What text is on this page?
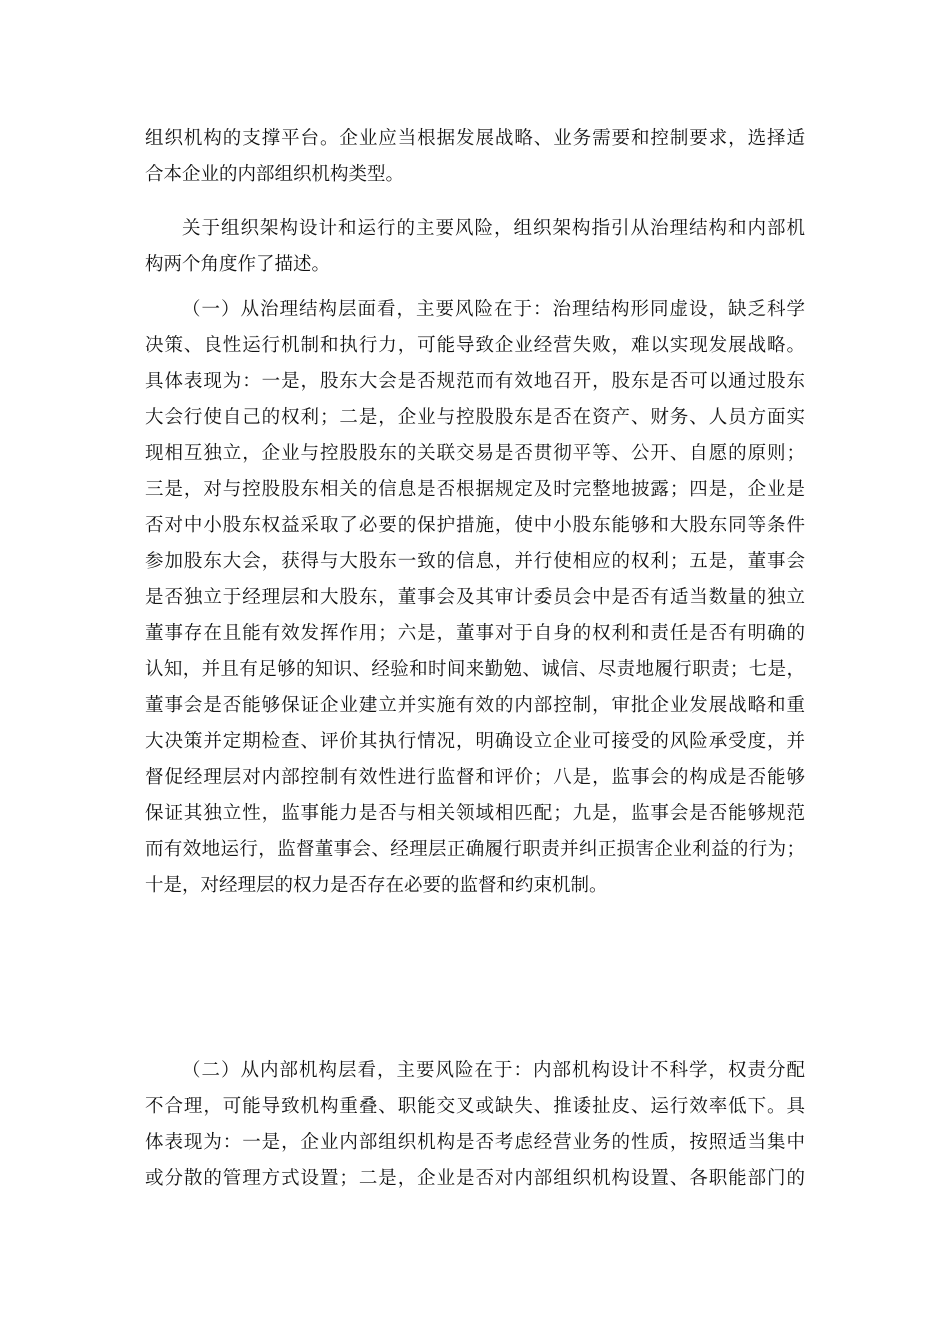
组织机构的支撑平台。企业应当根据发展战略、业务需要和控制要求，选择适
合本企业的内部组织机构类型。
关于组织架构设计和运行的主要风险，组织架构指引从治理结构和内部机
构两个角度作了描述。
（一）从治理结构层面看，主要风险在于：治理结构形同虚设，缺乏科学
决策、良性运行机制和执行力，可能导致企业经营失败，难以实现发展战略。
具体表现为：一是，股东大会是否规范而有效地召开，股东是否可以通过股东
大会行使自己的权利；二是，企业与控股股东是否在资产、财务、人员方面实
现相互独立，企业与控股股东的关联交易是否贯彻平等、公开、自愿的原则；
三是，对与控股股东相关的信息是否根据规定及时完整地披露；四是，企业是
否对中小股东权益采取了必要的保护措施，使中小股东能够和大股东同等条件
参加股东大会，获得与大股东一致的信息，并行使相应的权利；五是，董事会
是否独立于经理层和大股东，董事会及其审计委员会中是否有适当数量的独立
董事存在且能有效发挥作用；六是，董事对于自身的权利和责任是否有明确的
认知，并且有足够的知识、经验和时间来勤勉、诚信、尽责地履行职责；七是，
董事会是否能够保证企业建立并实施有效的内部控制，审批企业发展战略和重
大决策并定期检查、评价其执行情况，明确设立企业可接受的风险承受度，并
督促经理层对内部控制有效性进行监督和评价；八是，监事会的构成是否能够
保证其独立性，监事能力是否与相关领域相匹配；九是，监事会是否能够规范
而有效地运行，监督董事会、经理层正确履行职责并纠正损害企业利益的行为；
十是，对经理层的权力是否存在必要的监督和约束机制。
（二）从内部机构层看，主要风险在于：内部机构设计不科学，权责分配
不合理，可能导致机构重叠、职能交叉或缺失、推诿扯皮、运行效率低下。具
体表现为：一是，企业内部组织机构是否考虑经营业务的性质，按照适当集中
或分散的管理方式设置；二是，企业是否对内部组织机构设置、各职能部门的
